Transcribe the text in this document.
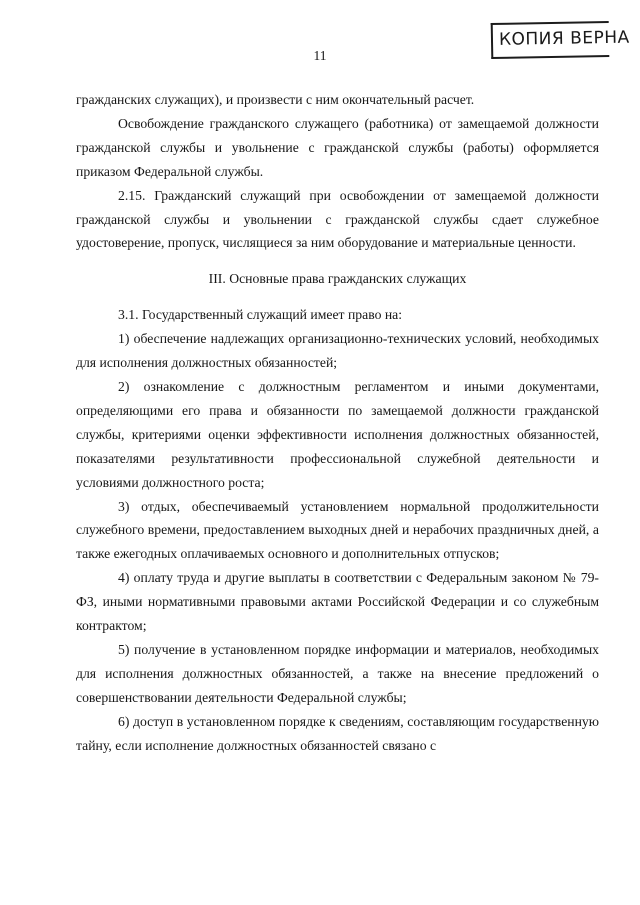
КОПИЯ ВЕРНА
11

гражданских служащих), и произвести с ним окончательный расчет.

Освобождение гражданского служащего (работника) от замещаемой должности гражданской службы и увольнение с гражданской службы (работы) оформляется приказом Федеральной службы.

2.15. Гражданский служащий при освобождении от замещаемой должности гражданской службы и увольнении с гражданской службы сдает служебное удостоверение, пропуск, числящиеся за ним оборудование и материальные ценности.

III. Основные права гражданских служащих

3.1. Государственный служащий имеет право на:

1) обеспечение надлежащих организационно-технических условий, необходимых для исполнения должностных обязанностей;

2) ознакомление с должностным регламентом и иными документами, определяющими его права и обязанности по замещаемой должности гражданской службы, критериями оценки эффективности исполнения должностных обязанностей, показателями результативности профессиональной служебной деятельности и условиями должностного роста;

3) отдых, обеспечиваемый установлением нормальной продолжительности служебного времени, предоставлением выходных дней и нерабочих праздничных дней, а также ежегодных оплачиваемых основного и дополнительных отпусков;

4) оплату труда и другие выплаты в соответствии с Федеральным законом № 79-ФЗ, иными нормативными правовыми актами Российской Федерации и со служебным контрактом;

5) получение в установленном порядке информации и материалов, необходимых для исполнения должностных обязанностей, а также на внесение предложений о совершенствовании деятельности Федеральной службы;

6) доступ в установленном порядке к сведениям, составляющим государственную тайну, если исполнение должностных обязанностей связано с
